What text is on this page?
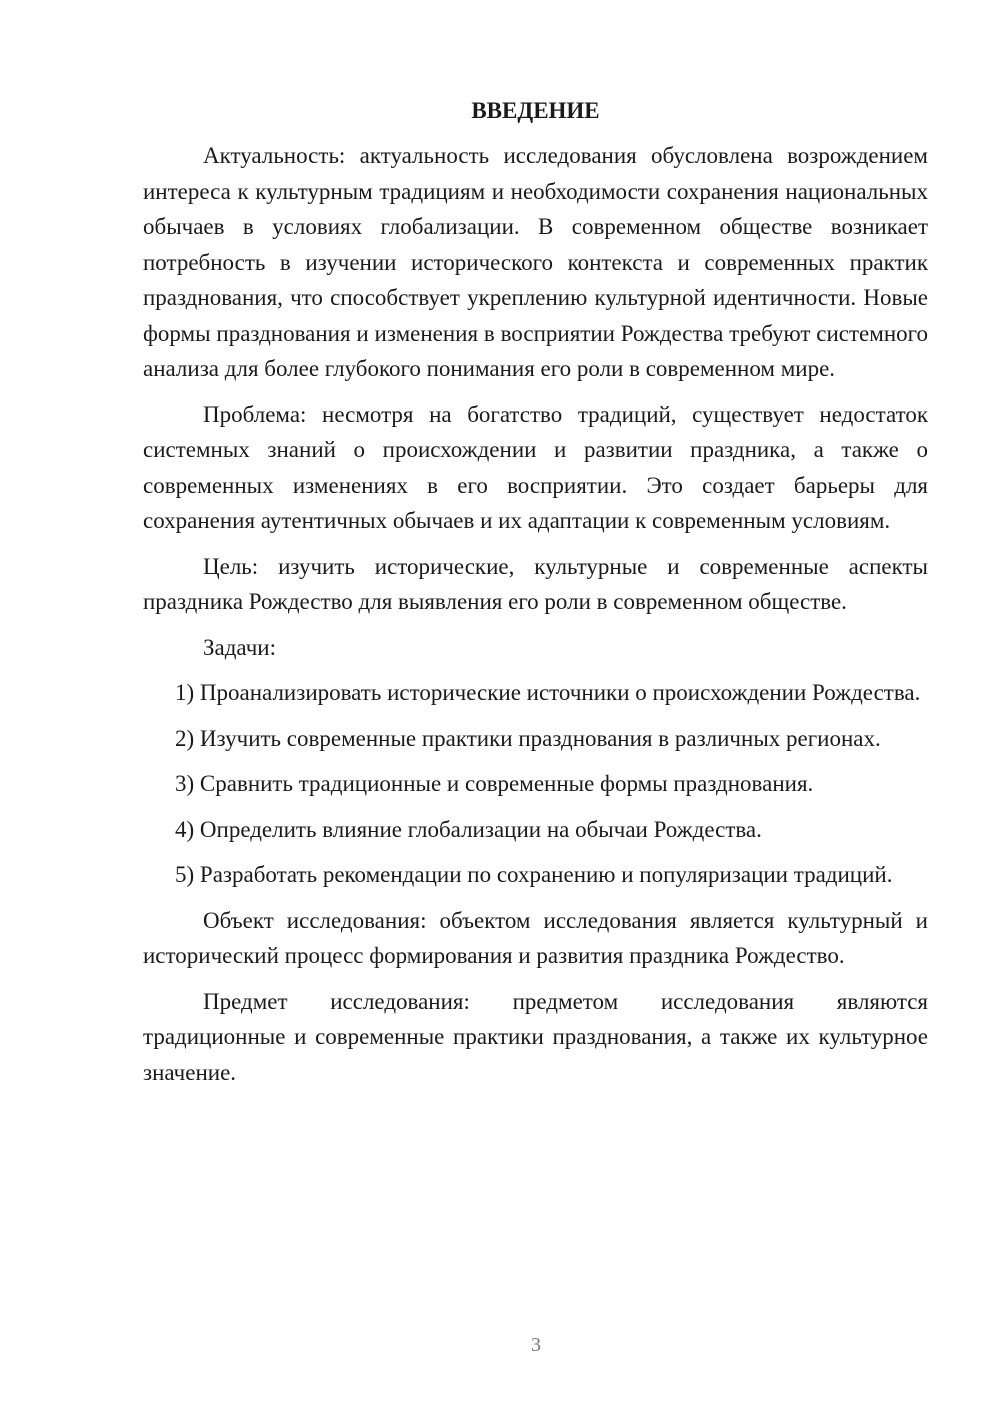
ВВЕДЕНИЕ

Актуальность: актуальность исследования обусловлена возрождением интереса к культурным традициям и необходимости сохранения национальных обычаев в условиях глобализации. В современном обществе возникает потребность в изучении исторического контекста и современных практик празднования, что способствует укреплению культурной идентичности. Новые формы празднования и изменения в восприятии Рождества требуют системного анализа для более глубокого понимания его роли в современном мире.

Проблема: несмотря на богатство традиций, существует недостаток системных знаний о происхождении и развитии праздника, а также о современных изменениях в его восприятии. Это создает барьеры для сохранения аутентичных обычаев и их адаптации к современным условиям.

Цель: изучить исторические, культурные и современные аспекты праздника Рождество для выявления его роли в современном обществе.

Задачи:

1) Проанализировать исторические источники о происхождении Рождества.

2) Изучить современные практики празднования в различных регионах.

3) Сравнить традиционные и современные формы празднования.

4) Определить влияние глобализации на обычаи Рождества.

5) Разработать рекомендации по сохранению и популяризации традиций.

Объект исследования: объектом исследования является культурный и исторический процесс формирования и развития праздника Рождество.

Предмет исследования: предметом исследования являются традиционные и современные практики празднования, а также их культурное значение.

3
